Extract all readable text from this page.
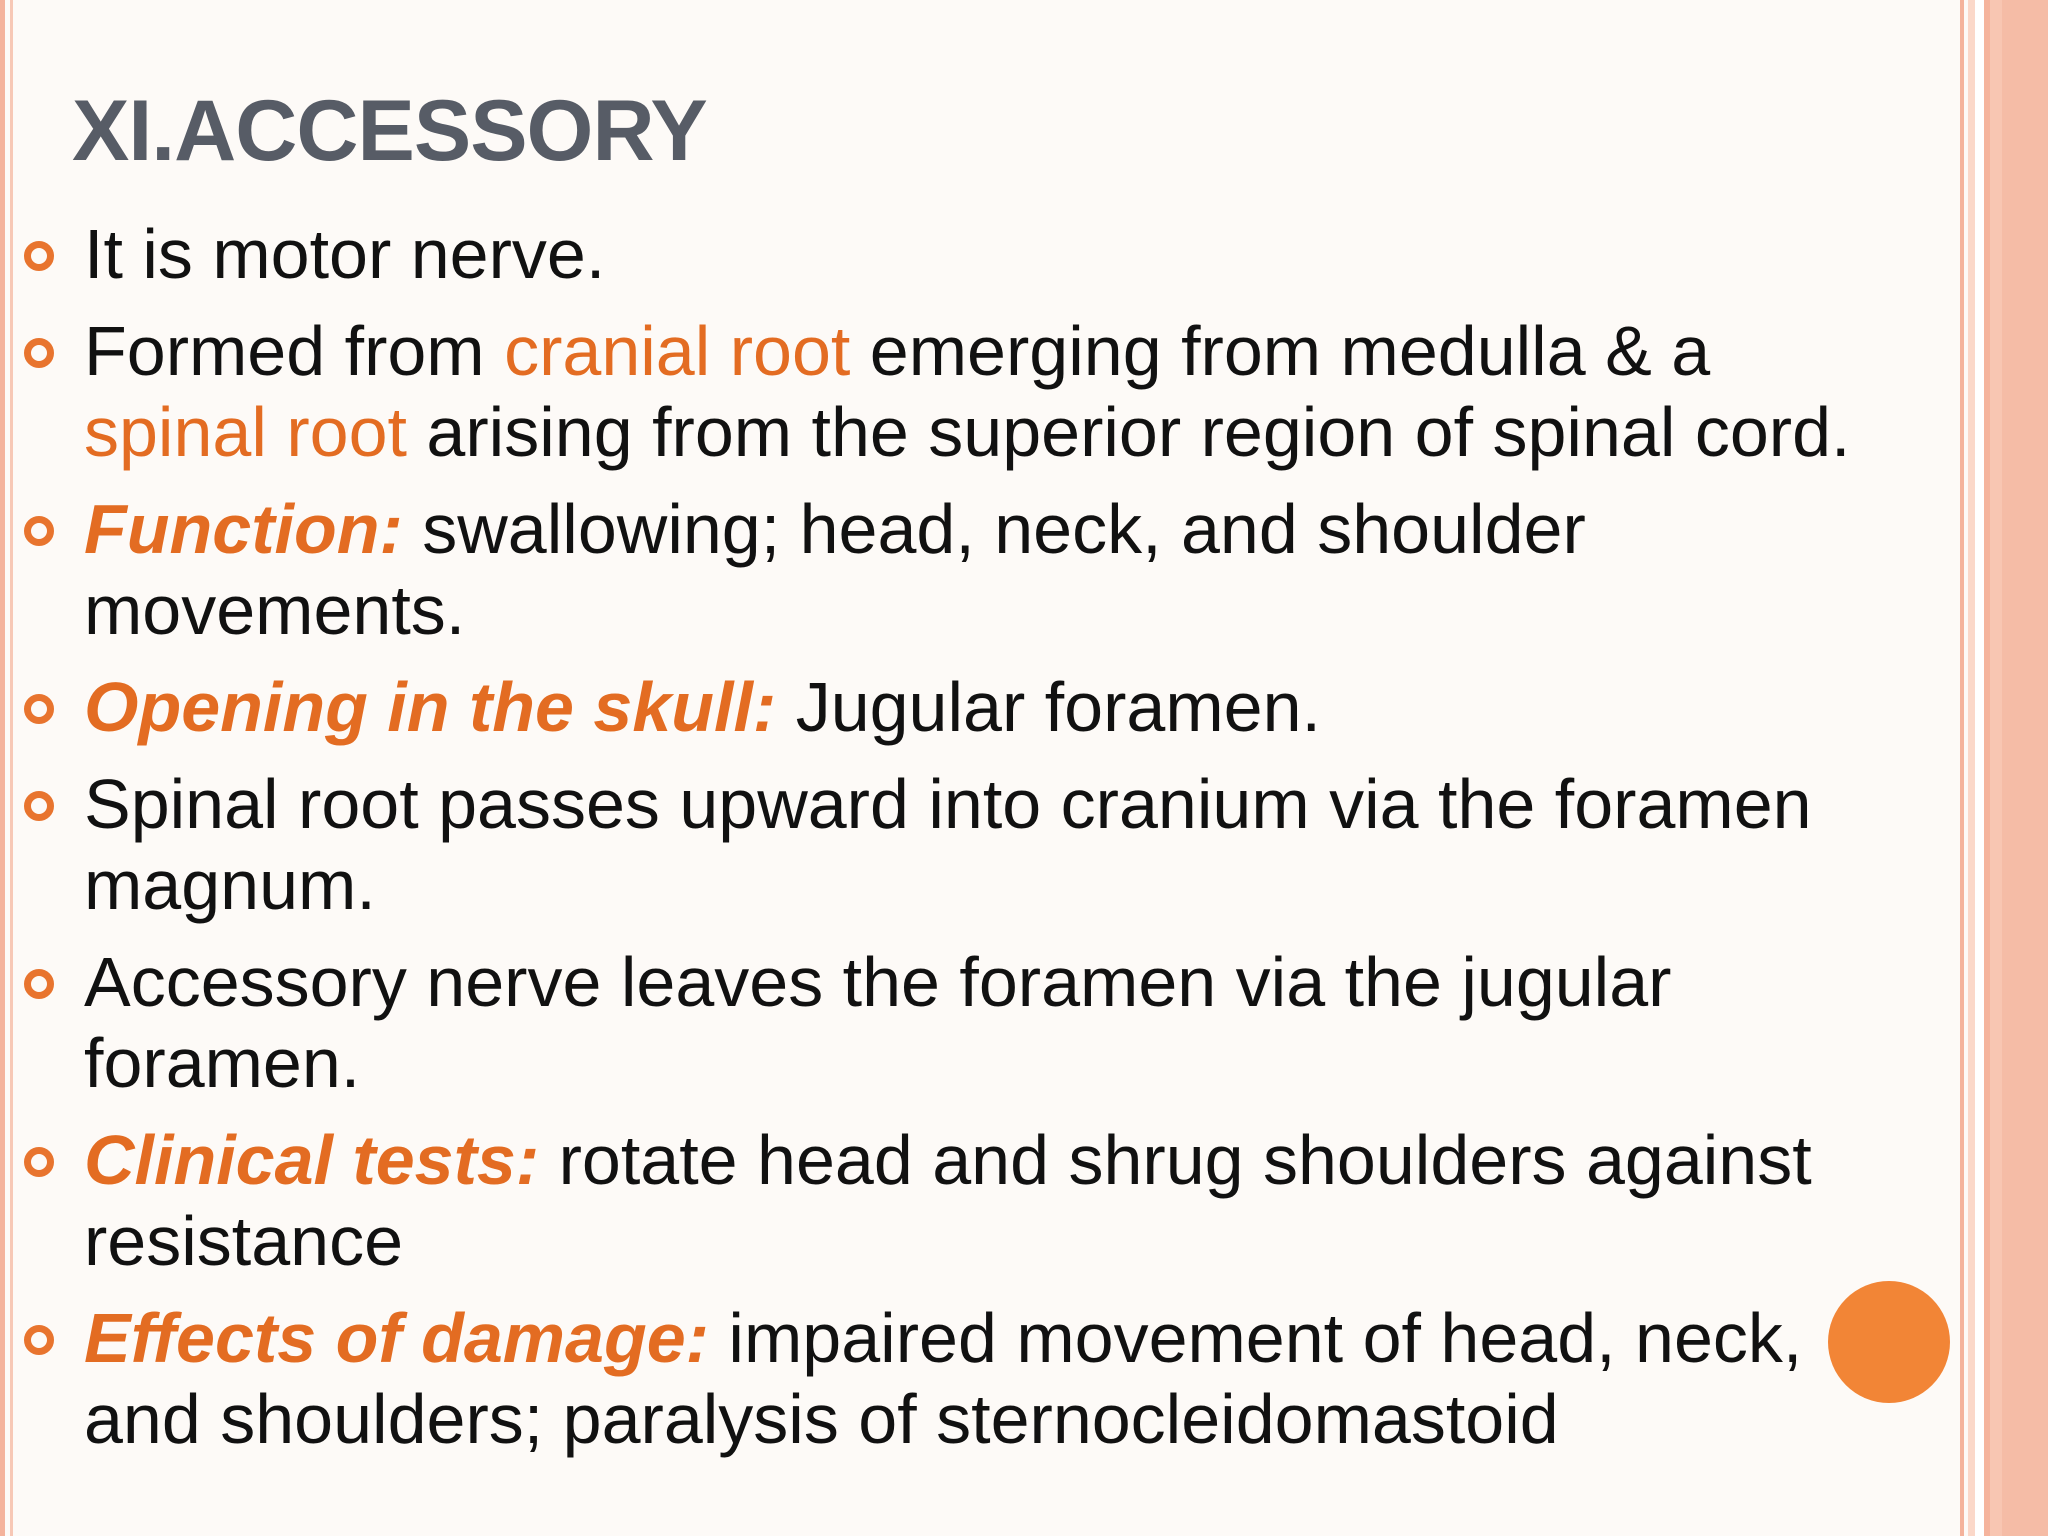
XI.ACCESSORY
It is motor nerve.
Formed from cranial root emerging from medulla & a
spinal root arising from the superior region of spinal cord.
Function: swallowing; head, neck, and shoulder
movements.
Opening in the skull: Jugular foramen.
Spinal root passes upward into cranium via the foramen
magnum.
Accessory nerve leaves the foramen via the jugular
foramen.
Clinical tests: rotate head and shrug shoulders against
resistance
Effects of damage: impaired movement of head, neck,
and shoulders; paralysis of sternocleidomastoid
